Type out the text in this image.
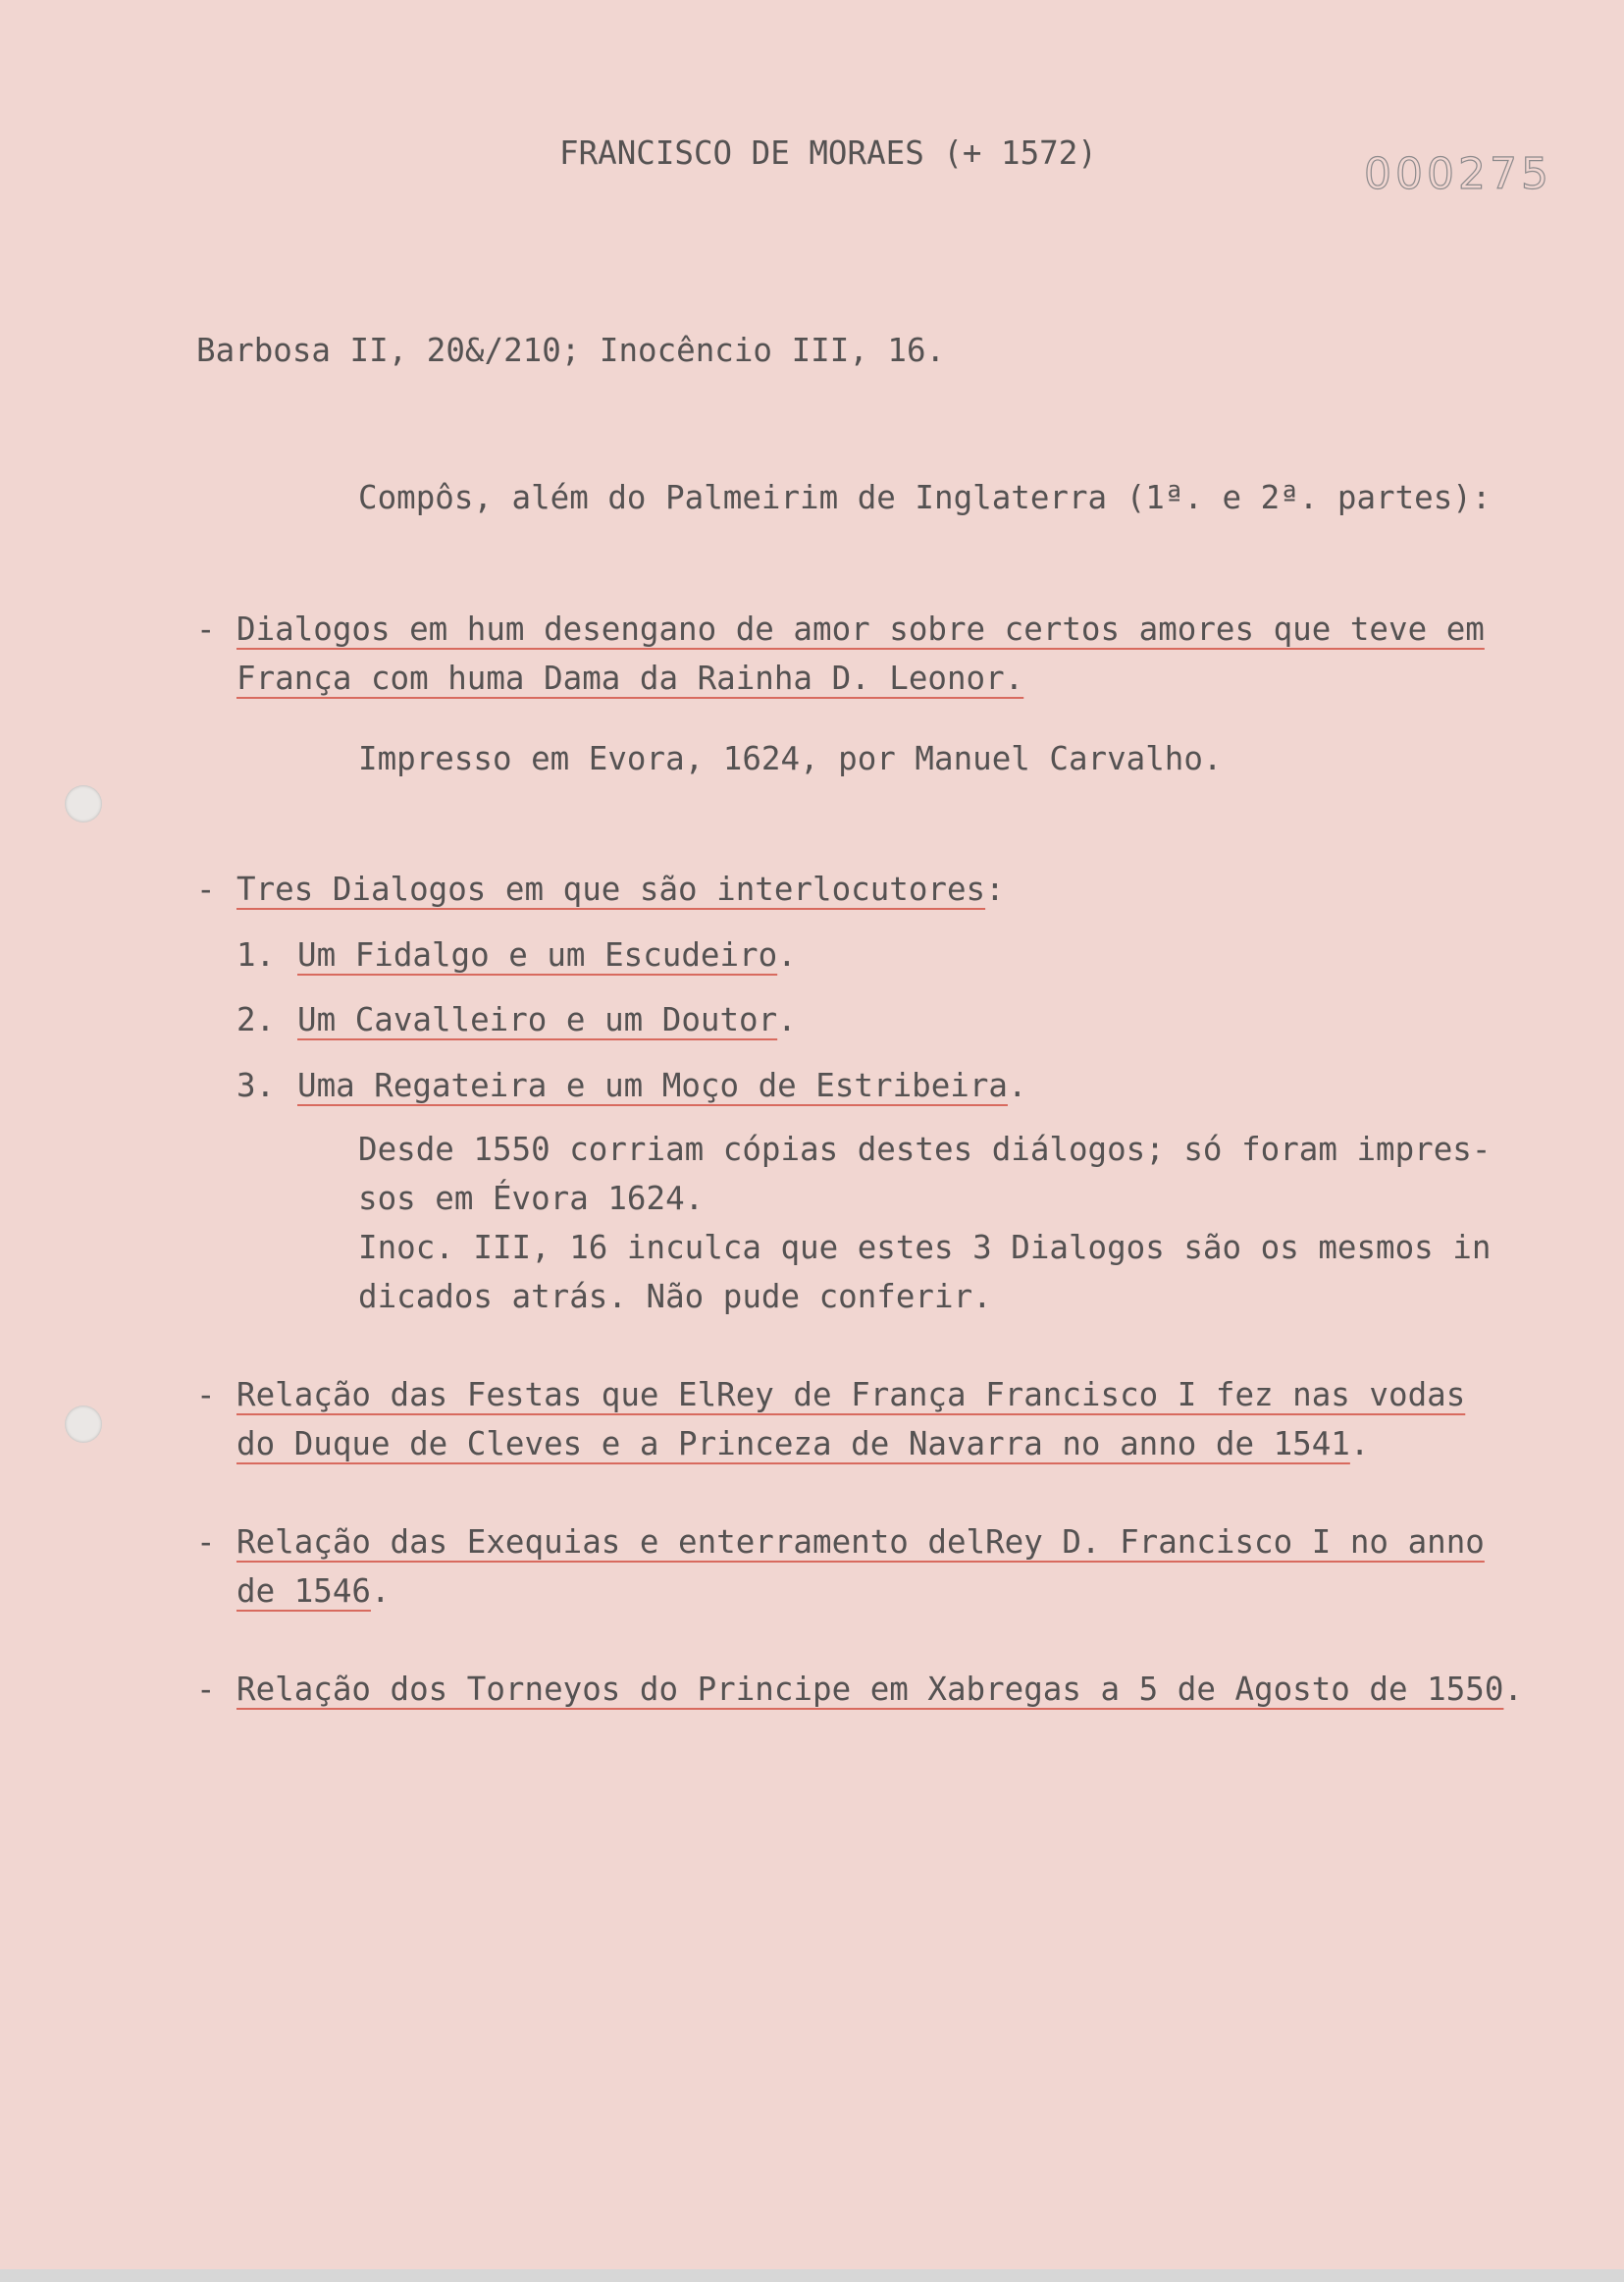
FRANCISCO DE MORAES (+ 1572)	000275
Barbosa II, 20&/210; Inocêncio III, 16.
Compôs, além do Palmeirim de Inglaterra (1ª. e 2ª. partes):
- Dialogos em hum desengano de amor sobre certos amores que teve em
França com huma Dama da Rainha D. Leonor.
Impresso em Evora, 1624, por Manuel Carvalho.
- Tres Dialogos em que são interlocutores:
1. Um Fidalgo e um Escudeiro.
2. Um Cavalleiro e um Doutor.
3. Uma Regateira e um Moço de Estribeira.
Desde 1550 corriam cópias destes diálogos; só foram impres-
sos em Évora 1624.
Inoc. III, 16 inculca que estes 3 Dialogos são os mesmos in
dicados atrás. Não pude conferir.
- Relação das Festas que ElRey de França Francisco I fez nas vodas
do Duque de Cleves e a Princeza de Navarra no anno de 1541.
- Relação das Exequias e enterramento delRey D. Francisco I no anno
de 1546.
- Relação dos Torneyos do Principe em Xabregas a 5 de Agosto de 1550.
